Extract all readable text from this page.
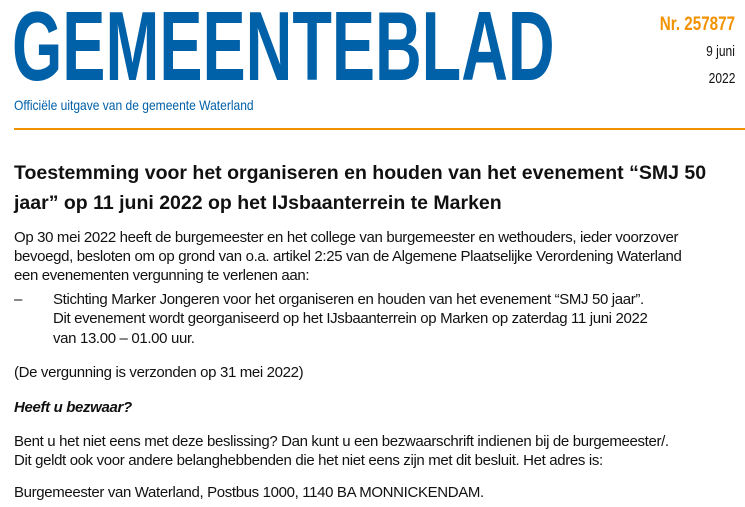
GEMEENTEBLAD
Officiële uitgave van de gemeente Waterland
Nr. 257877
9 juni
2022
Toestemming voor het organiseren en houden van het evenement “SMJ 50
jaar” op 11 juni 2022 op het IJsbaanterrein te Marken
Op 30 mei 2022 heeft de burgemeester en het college van burgemeester en wethouders, ieder voorzover
bevoegd, besloten om op grond van o.a. artikel 2:25 van de Algemene Plaatselijke Verordening Waterland
een evenementen vergunning te verlenen aan:
– Stichting Marker Jongeren voor het organiseren en houden van het evenement “SMJ 50 jaar”.
Dit evenement wordt georganiseerd op het IJsbaanterrein op Marken op zaterdag 11 juni 2022
van 13.00 – 01.00 uur.
(De vergunning is verzonden op 31 mei 2022)
Heeft u bezwaar?
Bent u het niet eens met deze beslissing? Dan kunt u een bezwaarschrift indienen bij de burgemeester/.
Dit geldt ook voor andere belanghebbenden die het niet eens zijn met dit besluit. Het adres is:
Burgemeester van Waterland, Postbus 1000, 1140 BA MONNICKENDAM.
